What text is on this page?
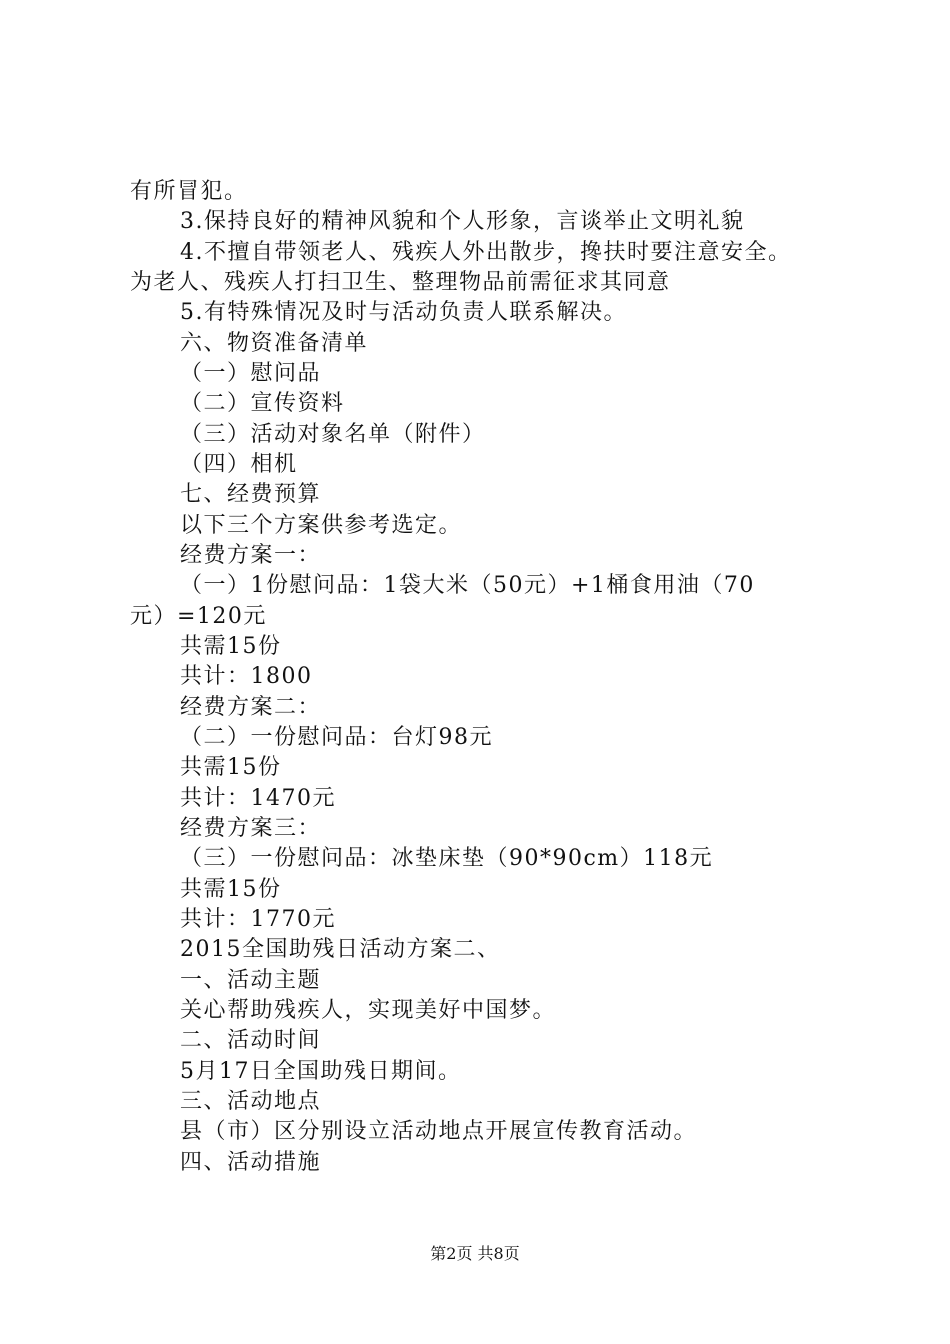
有所冒犯。
3.保持良好的精神风貌和个人形象，言谈举止文明礼貌
4.不擅自带领老人、残疾人外出散步，搀扶时要注意安全。
为老人、残疾人打扫卫生、整理物品前需征求其同意
5.有特殊情况及时与活动负责人联系解决。
六、物资准备清单
（一）慰问品
（二）宣传资料
（三）活动对象名单（附件）
（四）相机
七、经费预算
以下三个方案供参考选定。
经费方案一：
（一）1份慰问品：1袋大米（50元）+1桶食用油（70
元）=120元
共需15份
共计：1800
经费方案二：
（二）一份慰问品：台灯98元
共需15份
共计：1470元
经费方案三：
（三）一份慰问品：冰垫床垫（90*90cm）118元
共需15份
共计：1770元
2015全国助残日活动方案二、
一、活动主题
关心帮助残疾人，实现美好中国梦。
二、活动时间
5月17日全国助残日期间。
三、活动地点
县（市）区分别设立活动地点开展宣传教育活动。
四、活动措施
第2页 共8页
